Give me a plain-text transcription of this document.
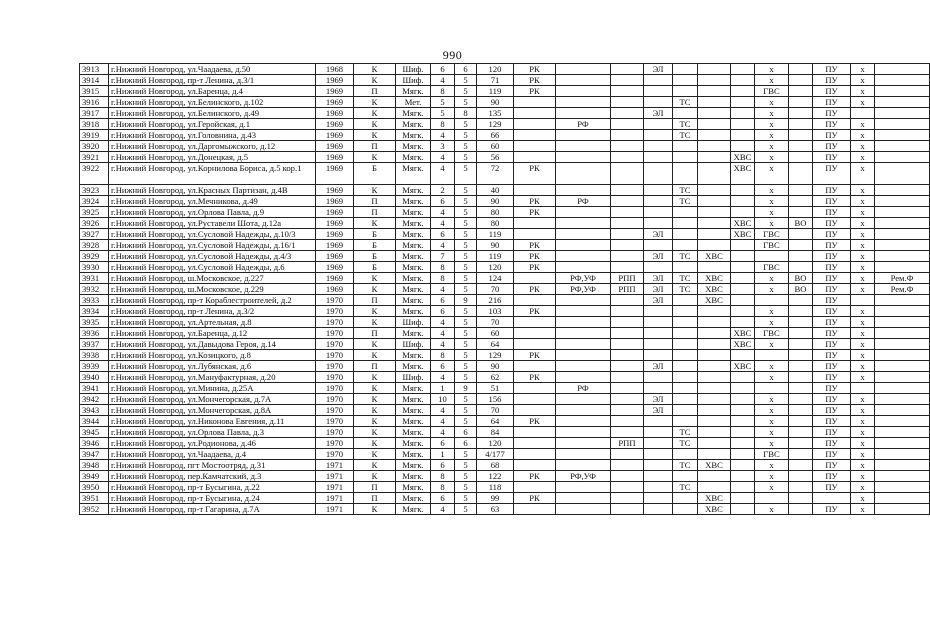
990
3913	г.Нижний Новгород, ул.Чаадаева, д.50	1968	К	Шиф.	6	6	120	РК			ЭЛ				х		ПУ	х	
3914	г.Нижний Новгород, пр-т Ленина, д.3/1	1969	К	Шиф.	4	5	71	РК							х		ПУ	х	
3915	г.Нижний Новгород, ул.Баренца, д.4	1969	П	Мягк.	8	5	119	РК							ГВС		ПУ	х	
3916	г.Нижний Новгород, ул.Белинского, д.102	1969	К	Мет.	5	5	90					ТС			х		ПУ	х	
3917	г.Нижний Новгород, ул.Белинского, д.49	1969	К	Мягк.	5	8	135				ЭЛ				х		ПУ		
3918	г.Нижний Новгород, ул.Геройская, д.1	1969	К	Мягк.	8	5	129		РФ			ТС			х		ПУ	х	
3919	г.Нижний Новгород, ул.Головнина, д.43	1969	К	Мягк.	4	5	66					ТС			х		ПУ	х	
3920	г.Нижний Новгород, ул.Даргомыжского, д.12	1969	П	Мягк.	3	5	60								х		ПУ	х	
3921	г.Нижний Новгород, ул.Донецкая, д.5	1969	К	Мягк.	4	5	56							ХВС	х		ПУ	х	
3922	г.Нижний Новгород, ул.Корнилова Бориса, д.5 кор.1	1969	Б	Мягк.	4	5	72	РК						ХВС	х		ПУ	х	
3923	г.Нижний Новгород, ул.Красных Партизан, д.4В	1969	К	Мягк.	2	5	40					ТС			х		ПУ	х	
3924	г.Нижний Новгород, ул.Мечникова, д.49	1969	П	Мягк.	6	5	90	РК	РФ			ТС			х		ПУ	х	
3925	г.Нижний Новгород, ул.Орлова Павла, д.9	1969	П	Мягк.	4	5	80	РК							х		ПУ	х	
3926	г.Нижний Новгород, ул.Руставели Шота, д.12а	1969	К	Мягк.	4	5	80							ХВС	х	ВО	ПУ	х	
3927	г.Нижний Новгород, ул.Сусловой Надежды, д.10/3	1969	Б	Мягк.	6	5	119				ЭЛ			ХВС	ГВС		ПУ	х	
3928	г.Нижний Новгород, ул.Сусловой Надежды, д.16/1	1969	Б	Мягк.	4	5	90	РК							ГВС		ПУ	х	
3929	г.Нижний Новгород, ул.Сусловой Надежды, д.4/3	1969	Б	Мягк.	7	5	119	РК			ЭЛ	ТС	ХВС				ПУ	х	
3930	г.Нижний Новгород, ул.Сусловой Надежды, д.6	1969	Б	Мягк.	8	5	120	РК							ГВС		ПУ	х	
3931	г.Нижний Новгород, ш.Московское, д.227	1969	К	Мягк.	8	5	124		РФ,УФ	РПП	ЭЛ	ТС	ХВС		х	ВО	ПУ	х	Рем.Ф
3932	г.Нижний Новгород, ш.Московское, д.229	1969	К	Мягк.	4	5	70	РК	РФ,УФ	РПП	ЭЛ	ТС	ХВС		х	ВО	ПУ	х	Рем.Ф
3933	г.Нижний Новгород, пр-т Кораблестроителей, д.2	1970	П	Мягк.	6	9	216				ЭЛ		ХВС				ПУ		
3934	г.Нижний Новгород, пр-т Ленина, д.3/2	1970	К	Мягк.	6	5	103	РК							х		ПУ	х	
3935	г.Нижний Новгород, ул.Артельная, д.8	1970	К	Шиф.	4	5	70								х		ПУ	х	
3936	г.Нижний Новгород, ул.Баренца, д.12	1970	П	Мягк.	4	5	60							ХВС	ГВС		ПУ	х	
3937	г.Нижний Новгород, ул.Давыдова Героя, д.14	1970	К	Шиф.	4	5	64							ХВС	х		ПУ	х	
3938	г.Нижний Новгород, ул.Козицкого, д.8	1970	К	Мягк.	8	5	129	РК									ПУ	х	
3939	г.Нижний Новгород, ул.Лубянская, д.6	1970	П	Мягк.	6	5	90				ЭЛ			ХВС	х		ПУ	х	
3940	г.Нижний Новгород, ул.Мануфактурная, д.20	1970	К	Шиф.	4	5	62	РК							х		ПУ	х	
3941	г.Нижний Новгород, ул.Минина, д.25А	1970	К	Мягк.	1	9	51		РФ								ПУ		
3942	г.Нижний Новгород, ул.Мончегорская, д.7А	1970	К	Мягк.	10	5	156				ЭЛ				х		ПУ	х	
3943	г.Нижний Новгород, ул.Мончегорская, д.8А	1970	К	Мягк.	4	5	70				ЭЛ				х		ПУ	х	
3944	г.Нижний Новгород, ул.Никонова Евгения, д.11	1970	К	Мягк.	4	5	64	РК							х		ПУ	х	
3945	г.Нижний Новгород, ул.Орлова Павла, д.3	1970	К	Мягк.	4	6	84					ТС			х		ПУ	х	
3946	г.Нижний Новгород, ул.Родионова, д.46	1970	К	Мягк.	6	6	120			РПП		ТС			х		ПУ	х	
3947	г.Нижний Новгород, ул.Чаадаева, д.4	1970	К	Мягк.	1	5	4/177								ГВС		ПУ	х	
3948	г.Нижний Новгород, пгт Мостоотряд, д.31	1971	К	Мягк.	6	5	68					ТС	ХВС		х		ПУ	х	
3949	г.Нижний Новгород, пер.Камчатский, д.3	1971	К	Мягк.	8	5	122	РК	РФ,УФ						х		ПУ	х	
3950	г.Нижний Новгород, пр-т Бусыгина, д.22	1971	П	Мягк.	8	5	118					ТС			х		ПУ	х	
3951	г.Нижний Новгород, пр-т Бусыгина, д.24	1971	П	Мягк.	6	5	99	РК					ХВС					х	
3952	г.Нижний Новгород, пр-т Гагарина, д.7А	1971	К	Мягк.	4	5	63						ХВС		х		ПУ	х	
